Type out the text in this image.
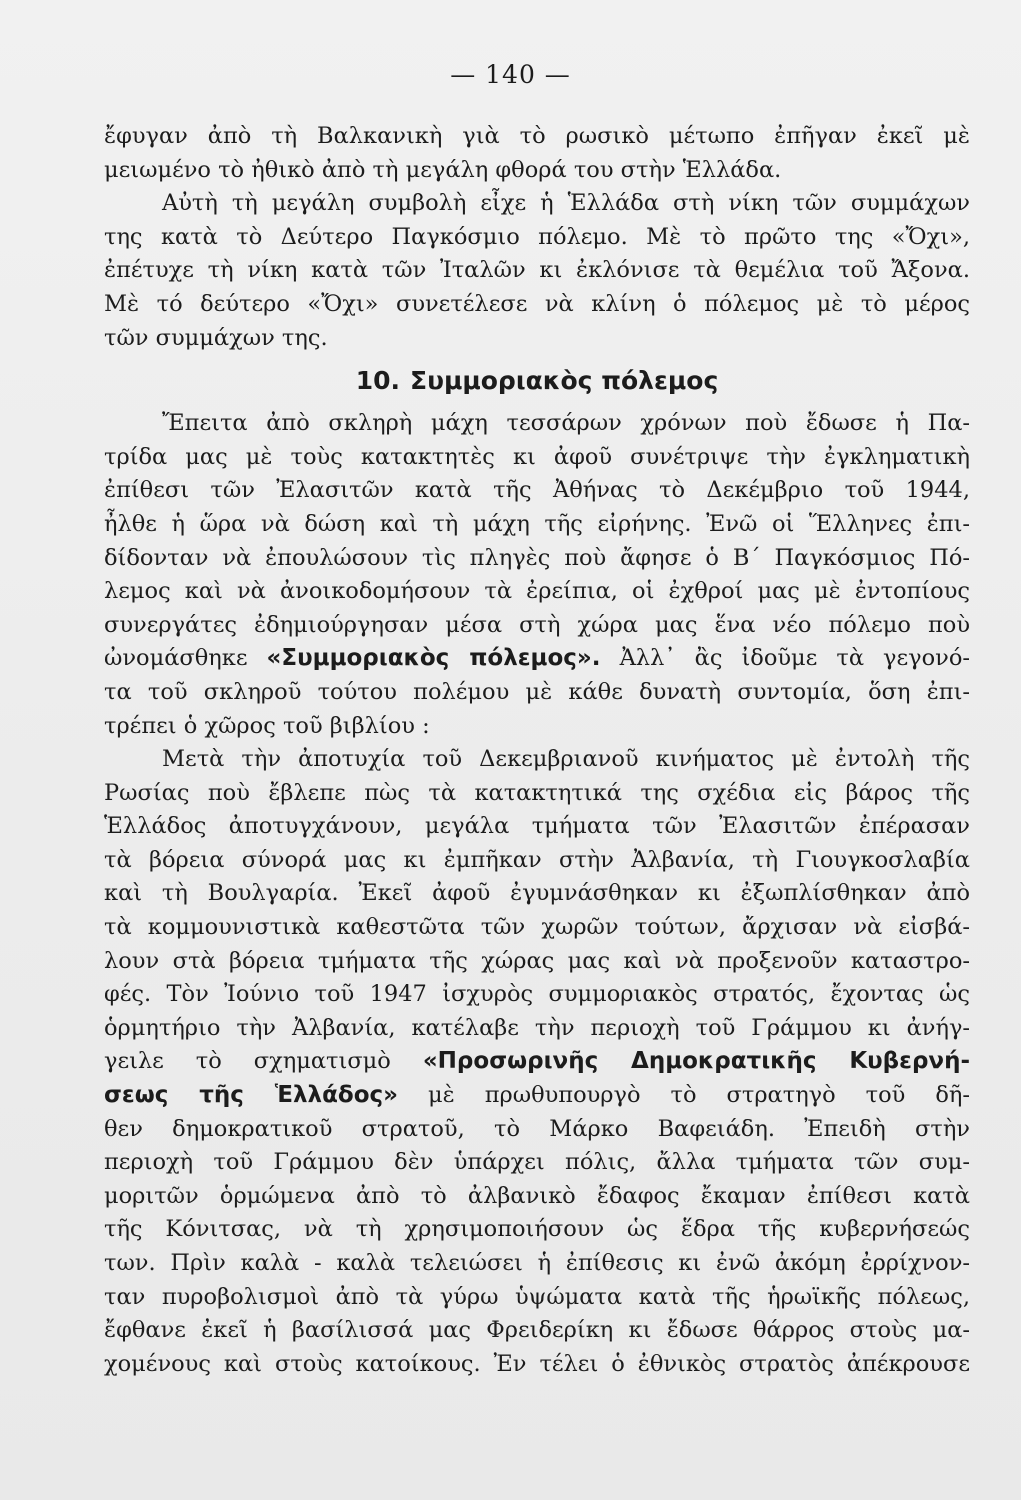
— 140 —
ἔφυγαν ἀπὸ τὴ Βαλκανικὴ γιὰ τὸ ρωσικὸ μέτωπο ἐπῆγαν ἐκεῖ μὲ
μειωμένο τὸ ἠθικὸ ἀπὸ τὴ μεγάλη φθορά του στὴν Ἑλλάδα.
Αὐτὴ τὴ μεγάλη συμβολὴ εἶχε ἡ Ἑλλάδα στὴ νίκη τῶν συμμάχων
της κατὰ τὸ Δεύτερο Παγκόσμιο πόλεμο. Μὲ τὸ πρῶτο της «Ὄχι»,
ἐπέτυχε τὴ νίκη κατὰ τῶν Ἰταλῶν κι ἐκλόνισε τὰ θεμέλια τοῦ Ἄξονα.
Μὲ τό δεύτερο «Ὄχι» συνετέλεσε νὰ κλίνη ὁ πόλεμος μὲ τὸ μέρος
τῶν συμμάχων της.
10. Συμμοριακὸς πόλεμος
Ἔπειτα ἀπὸ σκληρὴ μάχη τεσσάρων χρόνων ποὺ ἔδωσε ἡ Πα-
τρίδα μας μὲ τοὺς κατακτητὲς κι ἀφοῦ συνέτριψε τὴν ἐγκληματικὴ
ἐπίθεσι τῶν Ἐλασιτῶν κατὰ τῆς Ἀθήνας τὸ Δεκέμβριο τοῦ 1944,
ἦλθε ἡ ὥρα νὰ δώση καὶ τὴ μάχη τῆς εἰρήνης. Ἐνῶ οἱ Ἕλληνες ἐπι-
δίδονταν νὰ ἐπουλώσουν τὶς πληγὲς ποὺ ἄφησε ὁ Β΄ Παγκόσμιος Πό-
λεμος καὶ νὰ ἀνοικοδομήσουν τὰ ἐρείπια, οἱ ἐχθροί μας μὲ ἐντοπίους
συνεργάτες ἐδημιούργησαν μέσα στὴ χώρα μας ἕνα νέο πόλεμο ποὺ
ὠνομάσθηκε «Συμμοριακὸς πόλεμος». Ἀλλ᾿ ἂς ἰδοῦμε τὰ γεγονό-
τα τοῦ σκληροῦ τούτου πολέμου μὲ κάθε δυνατὴ συντομία, ὅση ἐπι-
τρέπει ὁ χῶρος τοῦ βιβλίου :
Μετὰ τὴν ἀποτυχία τοῦ Δεκεμβριανοῦ κινήματος μὲ ἐντολὴ τῆς
Ρωσίας ποὺ ἔβλεπε πὼς τὰ κατακτητικά της σχέδια εἰς βάρος τῆς
Ἑλλάδος ἀποτυγχάνουν, μεγάλα τμήματα τῶν Ἐλασιτῶν ἐπέρασαν
τὰ βόρεια σύνορά μας κι ἐμπῆκαν στὴν Ἀλβανία, τὴ Γιουγκοσλαβία
καὶ τὴ Βουλγαρία. Ἐκεῖ ἀφοῦ ἐγυμνάσθηκαν κι ἐξωπλίσθηκαν ἀπὸ
τὰ κομμουνιστικὰ καθεστῶτα τῶν χωρῶν τούτων, ἄρχισαν νὰ εἰσβά-
λουν στὰ βόρεια τμήματα τῆς χώρας μας καὶ νὰ προξενοῦν καταστρο-
φές. Τὸν Ἰούνιο τοῦ 1947 ἰσχυρὸς συμμοριακὸς στρατός, ἔχοντας ὡς
ὁρμητήριο τὴν Ἀλβανία, κατέλαβε τὴν περιοχὴ τοῦ Γράμμου κι ἀνήγ-
γειλε τὸ σχηματισμὸ «Προσωρινῆς Δημοκρατικῆς Κυβερνή-
σεως τῆς Ἑλλάδος» μὲ πρωθυπουργὸ τὸ στρατηγὸ τοῦ δῆ-
θεν δημοκρατικοῦ στρατοῦ, τὸ Μάρκο Βαφειάδη. Ἐπειδὴ στὴν
περιοχὴ τοῦ Γράμμου δὲν ὑπάρχει πόλις, ἄλλα τμήματα τῶν συμ-
μοριτῶν ὁρμώμενα ἀπὸ τὸ ἀλβανικὸ ἔδαφος ἔκαμαν ἐπίθεσι κατὰ
τῆς Κόνιτσας, νὰ τὴ χρησιμοποιήσουν ὡς ἕδρα τῆς κυβερνήσεώς
των. Πρὶν καλὰ - καλὰ τελειώσει ἡ ἐπίθεσις κι ἐνῶ ἀκόμη ἐρρίχνον-
ταν πυροβολισμοὶ ἀπὸ τὰ γύρω ὑψώματα κατὰ τῆς ἡρωϊκῆς πόλεως,
ἔφθανε ἐκεῖ ἡ βασίλισσά μας Φρειδερίκη κι ἔδωσε θάρρος στοὺς μα-
χομένους καὶ στοὺς κατοίκους. Ἐν τέλει ὁ ἐθνικὸς στρατὸς ἀπέκρουσε
